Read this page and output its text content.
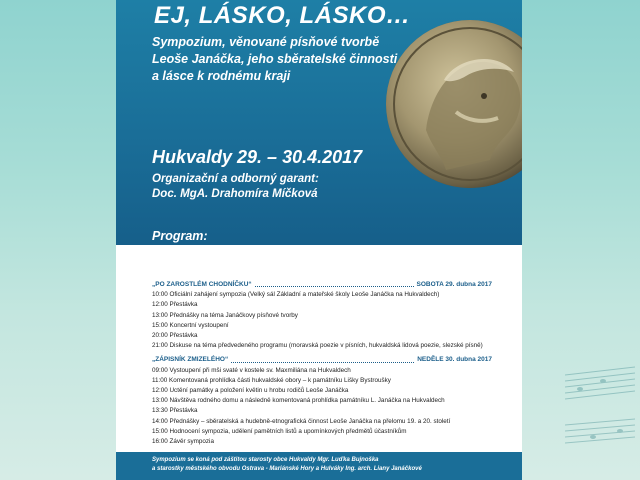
EJ, LÁSKO, LÁSKO…

Sympozium, věnované písňové tvorbě
Leoše Janáčka, jeho sběratelské činnosti
a lásce k rodnému kraji

Hukvaldy 29. – 30.4.2017
Organizační a odborný garant:
Doc. MgA. Drahomíra Míčková
Program:
„PO ZAROSTLÉM CHODNÍČKU“	SOBOTA 29. dubna 2017
10:00 Oficiální zahájení sympozia (Velký sál Základní a mateřské školy Leoše Janáčka na Hukvaldech)
12:00 Přestávka
13:00 Přednášky na téma Janáčkovy písňové tvorby
15:00 Koncertní vystoupení
20:00 Přestávka
21:00 Diskuse na téma předvedeného programu (moravská poezie v písních, hukvaldská lidová poezie, slezské písně)
„ZÁPISNÍK ZMIZELÉHO“	NEDĚLE 30. dubna 2017
09:00 Vystoupení při mši svaté v kostele sv. Maxmiliána na Hukvaldech
11:00 Komentovaná prohlídka části hukvaldské obory – k památníku Lišky Bystroušky
12:00 Uctění památky a položení květin u hrobu rodičů Leoše Janáčka
13:00 Návštěva rodného domu a následně komentovaná prohlídka památníku L. Janáčka na Hukvaldech
13:30 Přestávka
14:00 Přednášky – sběratelská a hudebně-etnografická činnost Leoše Janáčka na přelomu 19. a 20. století
15:00 Hodnocení sympozia, udělení pamětních listů a upomínkových předmětů účastníkům
16:00 Závěr sympozia
Sympozium se koná pod záštitou starosty obce Hukvaldy Mgr. Luďka Bujnoška
a starostky městského obvodu Ostrava - Mariánské Hory a Hulváky Ing. arch. Liany Janáčkové
